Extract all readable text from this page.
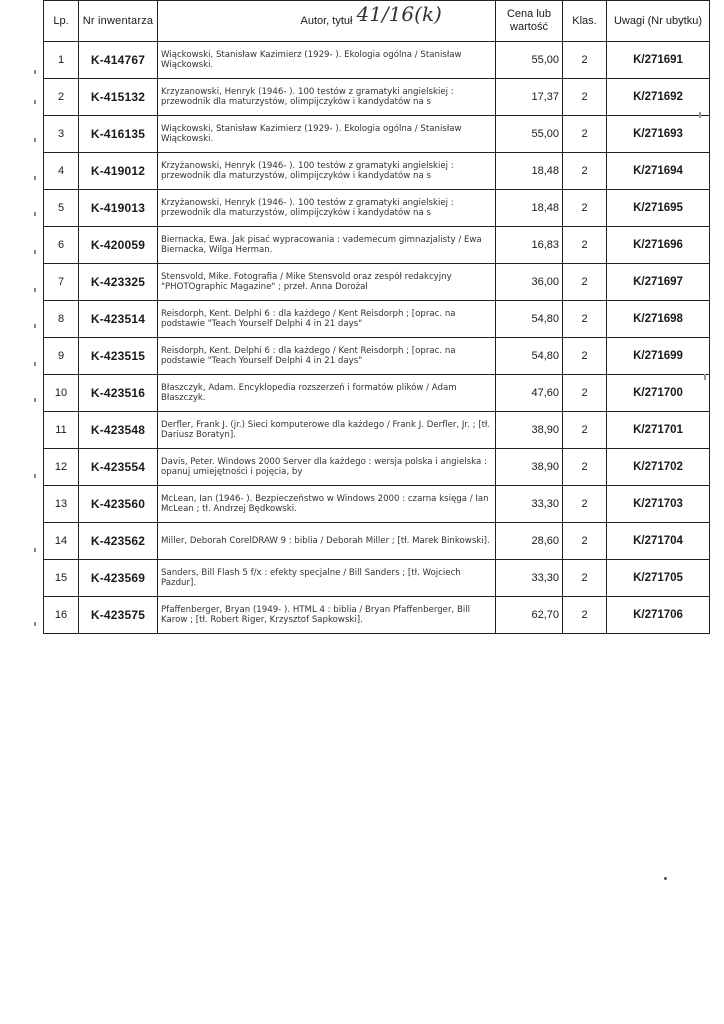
Lp.	Nr inwentarza	Autor, tytuł 41/16(k)	Cena lub wartość	Klas.	Uwagi (Nr ubytku)
1	K-414767	Wiąckowski, Stanisław Kazimierz (1929- ). Ekologia ogólna / Stanisław Wiąckowski.	55,00	2	K/271691
2	K-415132	Krzyzanowski, Henryk (1946- ). 100 testów z gramatyki angielskiej : przewodnik dla maturzystów, olimpijczyków i kandydatów na s	17,37	2	K/271692
3	K-416135	Wiąckowski, Stanisław Kazimierz (1929- ). Ekologia ogólna / Stanisław Wiąckowski.	55,00	2	K/271693
4	K-419012	Krzyżanowski, Henryk (1946- ). 100 testów z gramatyki angielskiej : przewodnik dla maturzystów, olimpijczyków i kandydatów na s	18,48	2	K/271694
5	K-419013	Krzyżanowski, Henryk (1946- ). 100 testów z gramatyki angielskiej : przewodnik dla maturzystów, olimpijczyków i kandydatów na s	18,48	2	K/271695
6	K-420059	Biernacka, Ewa. Jak pisać wypracowania : vademecum gimnazjalisty / Ewa Biernacka, Wilga Herman.	16,83	2	K/271696
7	K-423325	Stensvold, Mike. Fotografia / Mike Stensvold oraz zespół redakcyjny "PHOTOgraphic Magazine" ; przeł. Anna Dorożal	36,00	2	K/271697
8	K-423514	Reisdorph, Kent. Delphi 6 : dla każdego / Kent Reisdorph ; [oprac. na podstawie "Teach Yourself Delphi 4 in 21 days"	54,80	2	K/271698
9	K-423515	Reisdorph, Kent. Delphi 6 : dla każdego / Kent Reisdorph ; [oprac. na podstawie "Teach Yourself Delphi 4 in 21 days"	54,80	2	K/271699
10	K-423516	Błaszczyk, Adam. Encyklopedia rozszerzeń i formatów plików / Adam Błaszczyk.	47,60	2	K/271700
11	K-423548	Derfler, Frank J. (jr.) Sieci komputerowe dla każdego / Frank J. Derfler, Jr. ; [tł. Dariusz Boratyn].	38,90	2	K/271701
12	K-423554	Davis, Peter. Windows 2000 Server dla każdego : wersja polska i angielska : opanuj umiejętności i pojęcia, by	38,90	2	K/271702
13	K-423560	McLean, Ian (1946- ). Bezpieczeństwo w Windows 2000 : czarna księga / Ian McLean ; tł. Andrzej Będkowski.	33,30	2	K/271703
14	K-423562	Miller, Deborah CorelDRAW 9 : biblia / Deborah Miller ; [tł. Marek Binkowski].	28,60	2	K/271704
15	K-423569	Sanders, Bill Flash 5 f/x : efekty specjalne / Bill Sanders ; [tł. Wojciech Pazdur].	33,30	2	K/271705
16	K-423575	Pfaffenberger, Bryan (1949- ). HTML 4 : biblia / Bryan Pfaffenberger, Bill Karow ; [tł. Robert Riger, Krzysztof Sapkowski].	62,70	2	K/271706
